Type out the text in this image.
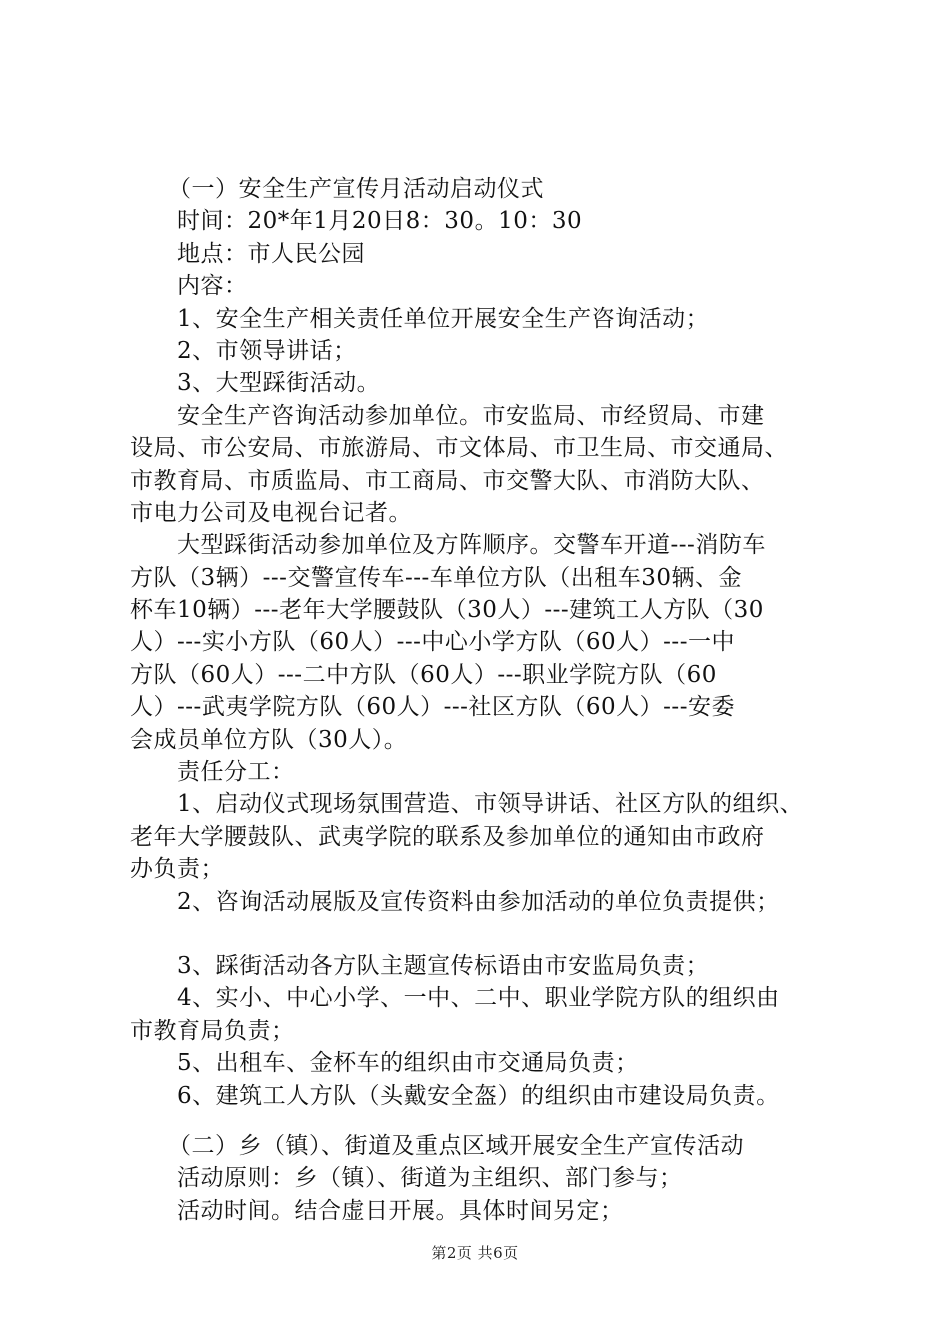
（一）安全生产宣传月活动启动仪式
时间：20*年1月20日8：30。10：30
地点：市人民公园
内容：
1、安全生产相关责任单位开展安全生产咨询活动；
2、市领导讲话；
3、大型踩街活动。
安全生产咨询活动参加单位。市安监局、市经贸局、市建
设局、市公安局、市旅游局、市文体局、市卫生局、市交通局、
市教育局、市质监局、市工商局、市交警大队、市消防大队、
市电力公司及电视台记者。
大型踩街活动参加单位及方阵顺序。交警车开道---消防车
方队（3辆）---交警宣传车---车单位方队（出租车30辆、金
杯车10辆）---老年大学腰鼓队（30人）---建筑工人方队（30
人）---实小方队（60人）---中心小学方队（60人）---一中
方队（60人）---二中方队（60人）---职业学院方队（60
人）---武夷学院方队（60人）---社区方队（60人）---安委
会成员单位方队（30人）。
责任分工：
1、启动仪式现场氛围营造、市领导讲话、社区方队的组织、
老年大学腰鼓队、武夷学院的联系及参加单位的通知由市政府
办负责；
2、咨询活动展版及宣传资料由参加活动的单位负责提供；
3、踩街活动各方队主题宣传标语由市安监局负责；
4、实小、中心小学、一中、二中、职业学院方队的组织由
市教育局负责；
5、出租车、金杯车的组织由市交通局负责；
6、建筑工人方队（头戴安全盔）的组织由市建设局负责。
（二）乡（镇）、街道及重点区域开展安全生产宣传活动
活动原则：乡（镇）、街道为主组织、部门参与；
活动时间。结合虚日开展。具体时间另定；
第2页 共6页
